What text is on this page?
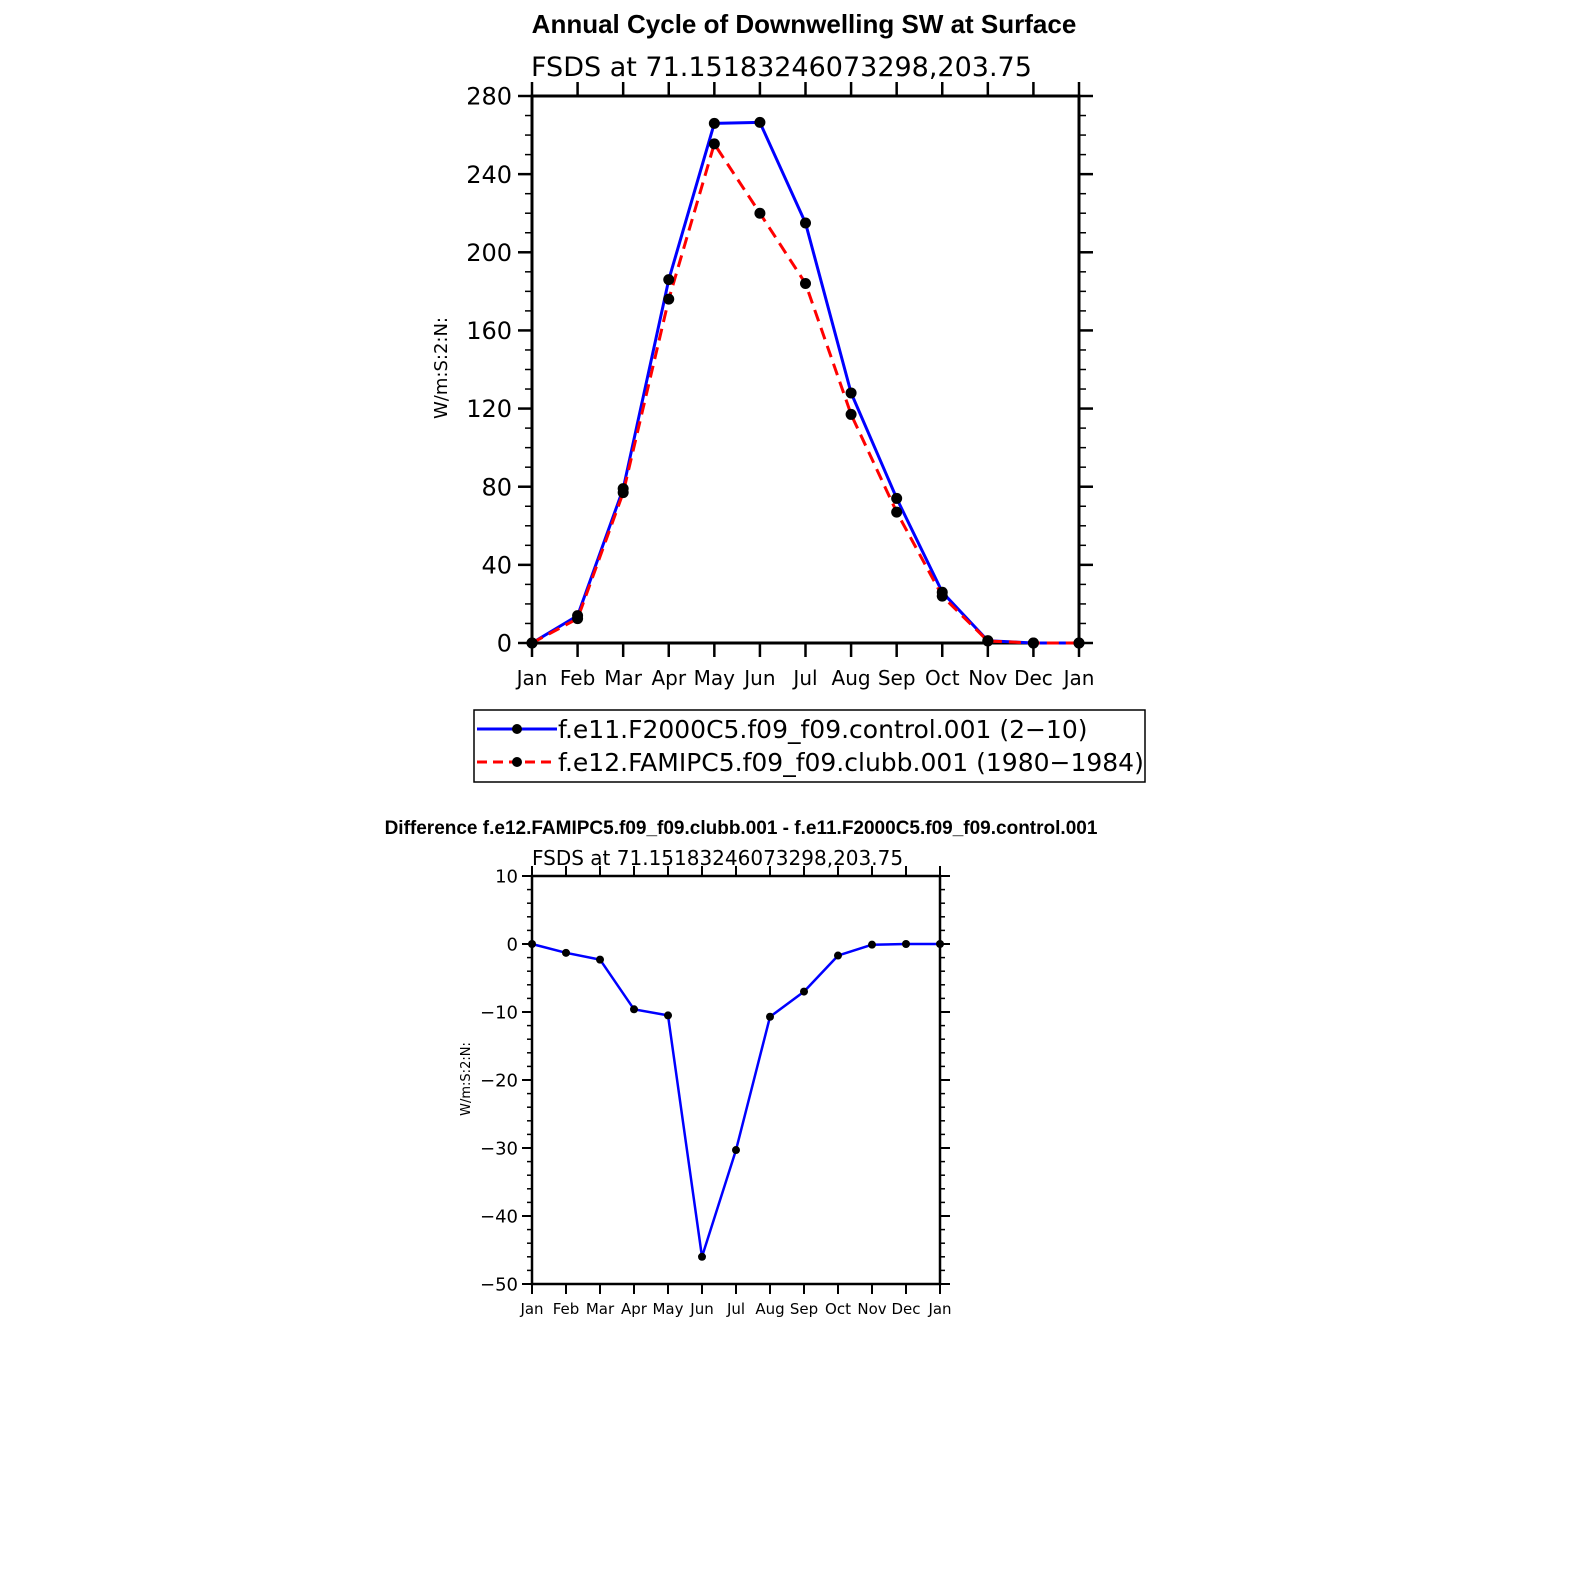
Annual Cycle of Downwelling SW at Surface
FSDS at 71.15183246073298,203.75
W/m:S:2:N:
Jan Feb Mar Apr May Jun Jul Aug Sep Oct Nov Dec Jan
0
40
80
120
160
200
240
280
f.e11.F2000C5.f09_f09.control.001 (2−10)
f.e12.FAMIPC5.f09_f09.clubb.001 (1980−1984)
Difference f.e12.FAMIPC5.f09_f09.clubb.001 - f.e11.F2000C5.f09_f09.control.001
FSDS at 71.15183246073298,203.75
W/m:S:2:N:
Jan Feb Mar Apr May Jun Jul Aug Sep Oct Nov Dec Jan
−50
−40
−30
−20
−10
0
10
